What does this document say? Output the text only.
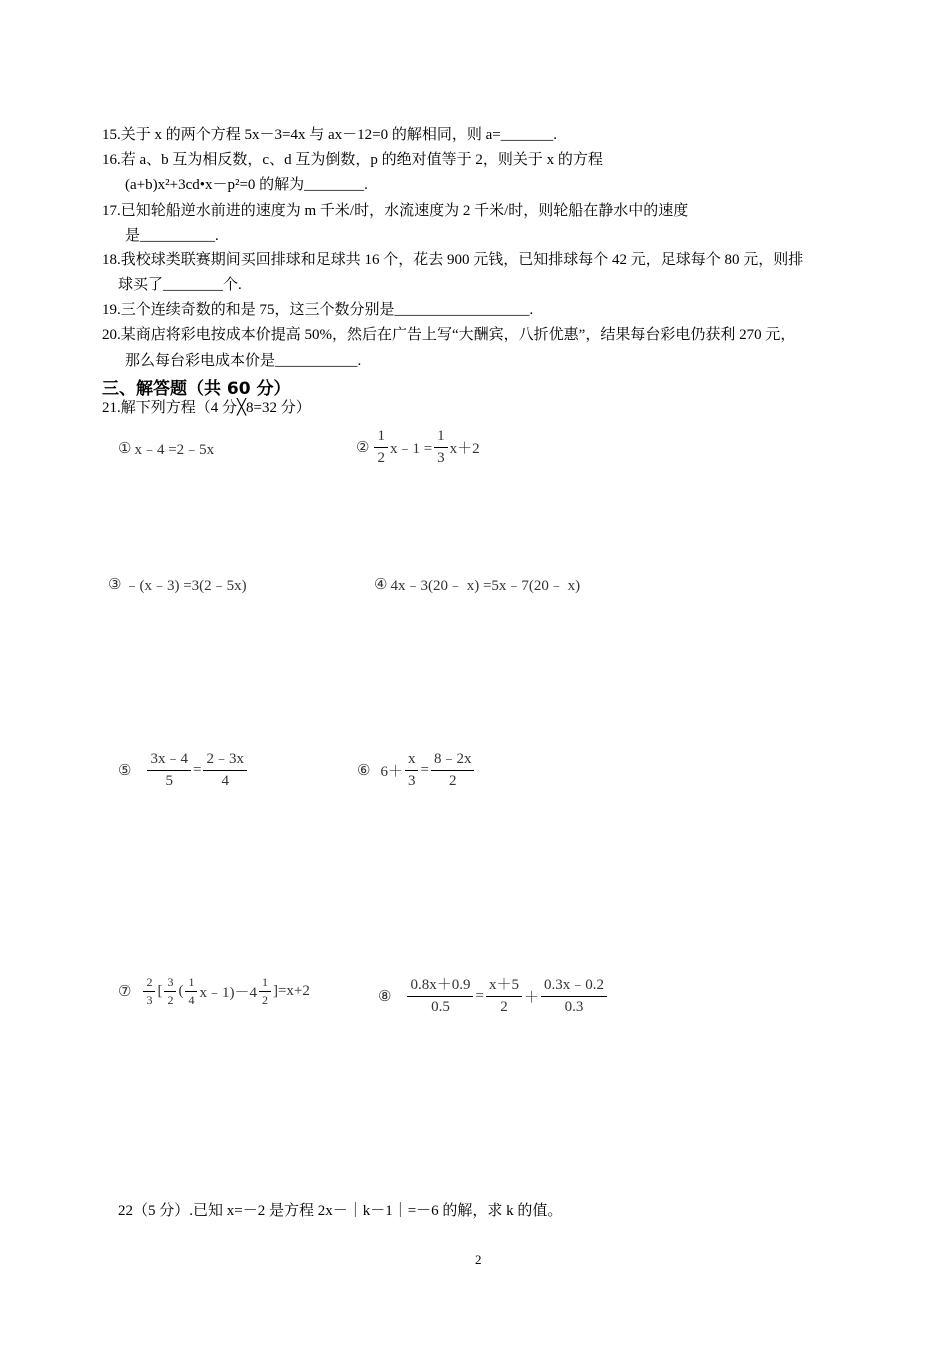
15.关于 x 的两个方程 5x－3=4x 与 ax－12=0 的解相同，则 a=_______.
16.若 a、b 互为相反数，c、d 互为倒数，p 的绝对值等于 2，则关于 x 的方程
(a+b)x²+3cd•x－p²=0 的解为________.
17.已知轮船逆水前进的速度为 m 千米/时，水流速度为 2 千米/时，则轮船在静水中的速度
是__________.
18.我校球类联赛期间买回排球和足球共 16 个，花去 900 元钱，已知排球每个 42 元，足球每个 80 元，则排
球买了________个.
19.三个连续奇数的和是 75，这三个数分别是__________________.
20.某商店将彩电按成本价提高 50%，然后在广告上写“大酬宾，八折优惠”，结果每台彩电仍获利 270 元，
那么每台彩电成本价是___________.
三、解答题（共 60 分）
21.解下列方程（4 分╳8=32 分）
① x﹣4 =2﹣5x	② $\frac{1}{2}$ x﹣1 = $\frac{1}{3} x+2$
③ ﹣(x﹣3) =3(2﹣5x)	④ 4x﹣3(20﹣ x) =5x﹣7(20﹣ x)
⑤ $\frac{3x﹣4}{5} = \frac{2﹣3x}{4}$	⑥ $6+ \frac{x}{3} = \frac{8﹣2x}{2}$
⑦ $\frac{2}{3}$ [ $\frac{3}{2}$ ( $\frac{1}{4}$ x﹣1)－4 $\frac{1}{2} ]=x+2$	⑧ $\frac{0.8x+0.9}{0.5} = \frac{x+5}{2} + \frac{0.3x﹣0.2}{0.3}$
22（5 分）.已知 x=－2 是方程 2x－｜k－1｜=－6 的解，求 k 的值。
2
